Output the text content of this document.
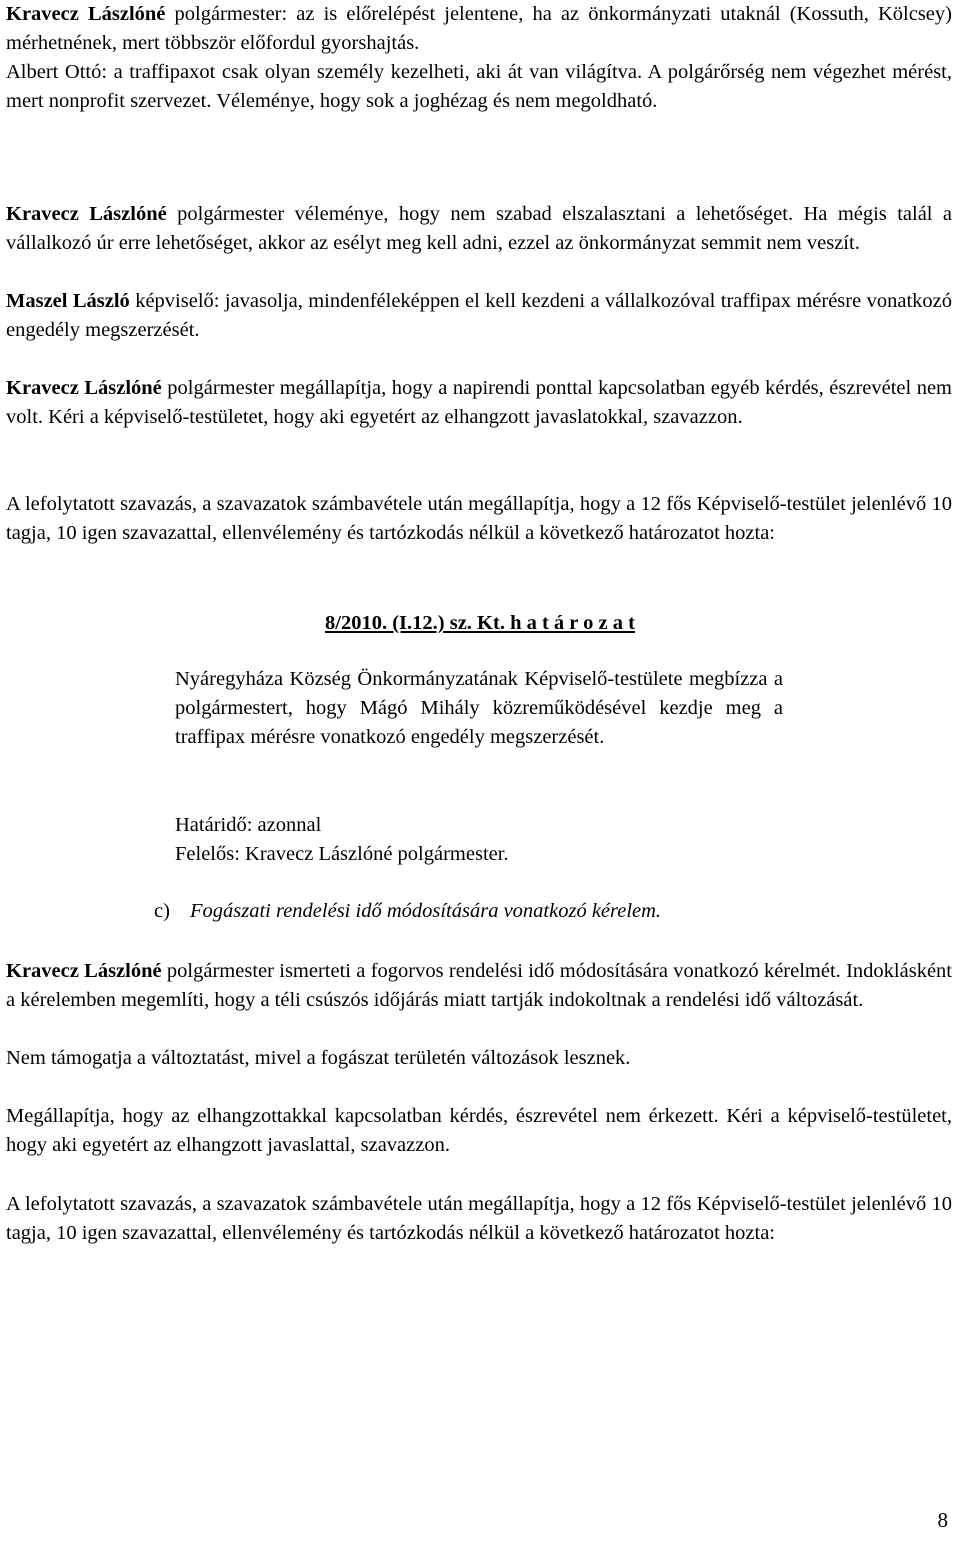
Kravecz Lászlóné polgármester: az is előrelépést jelentene, ha az önkormányzati utaknál (Kossuth, Kölcsey) mérhetnének, mert többször előfordul gyorshajtás.

Albert Ottó: a traffipaxot csak olyan személy kezelheti, aki át van világítva. A polgárőrség nem végezhet mérést, mert nonprofit szervezet. Véleménye, hogy sok a joghézag és nem megoldható.

Kravecz Lászlóné polgármester véleménye, hogy nem szabad elszalasztani a lehetőséget. Ha mégis talál a vállalkozó úr erre lehetőséget, akkor az esélyt meg kell adni, ezzel az önkormányzat semmit nem veszít.

Maszel László képviselő: javasolja, mindenféleképpen el kell kezdeni a vállalkozóval traffipax mérésre vonatkozó engedély megszerzését.

Kravecz Lászlóné polgármester megállapítja, hogy a napirendi ponttal kapcsolatban egyéb kérdés, észrevétel nem volt. Kéri a képviselő-testületet, hogy aki egyetért az elhangzott javaslatokkal, szavazzon.

A lefolytatott szavazás, a szavazatok számbavétele után megállapítja, hogy a 12 fős Képviselő-testület jelenlévő 10 tagja, 10 igen szavazattal, ellenvélemény és tartózkodás nélkül a következő határozatot hozta:

8/2010. (I.12.) sz. Kt. h a t á r o z a t

Nyáregyháza Község Önkormányzatának Képviselő-testülete megbízza a polgármestert, hogy Mágó Mihály közreműködésével kezdje meg a traffipax mérésre vonatkozó engedély megszerzését.

Határidő: azonnal
Felelős: Kravecz Lászlóné polgármester.

c) Fogászati rendelési idő módosítására vonatkozó kérelem.

Kravecz Lászlóné polgármester ismerteti a fogorvos rendelési idő módosítására vonatkozó kérelmét. Indoklásként a kérelemben megemlíti, hogy a téli csúszós időjárás miatt tartják indokoltnak a rendelési idő változását.

Nem támogatja a változtatást, mivel a fogászat területén változások lesznek.

Megállapítja, hogy az elhangzottakkal kapcsolatban kérdés, észrevétel nem érkezett. Kéri a képviselő-testületet, hogy aki egyetért az elhangzott javaslattal, szavazzon.

A lefolytatott szavazás, a szavazatok számbavétele után megállapítja, hogy a 12 fős Képviselő-testület jelenlévő 10 tagja, 10 igen szavazattal, ellenvélemény és tartózkodás nélkül a következő határozatot hozta:

8
